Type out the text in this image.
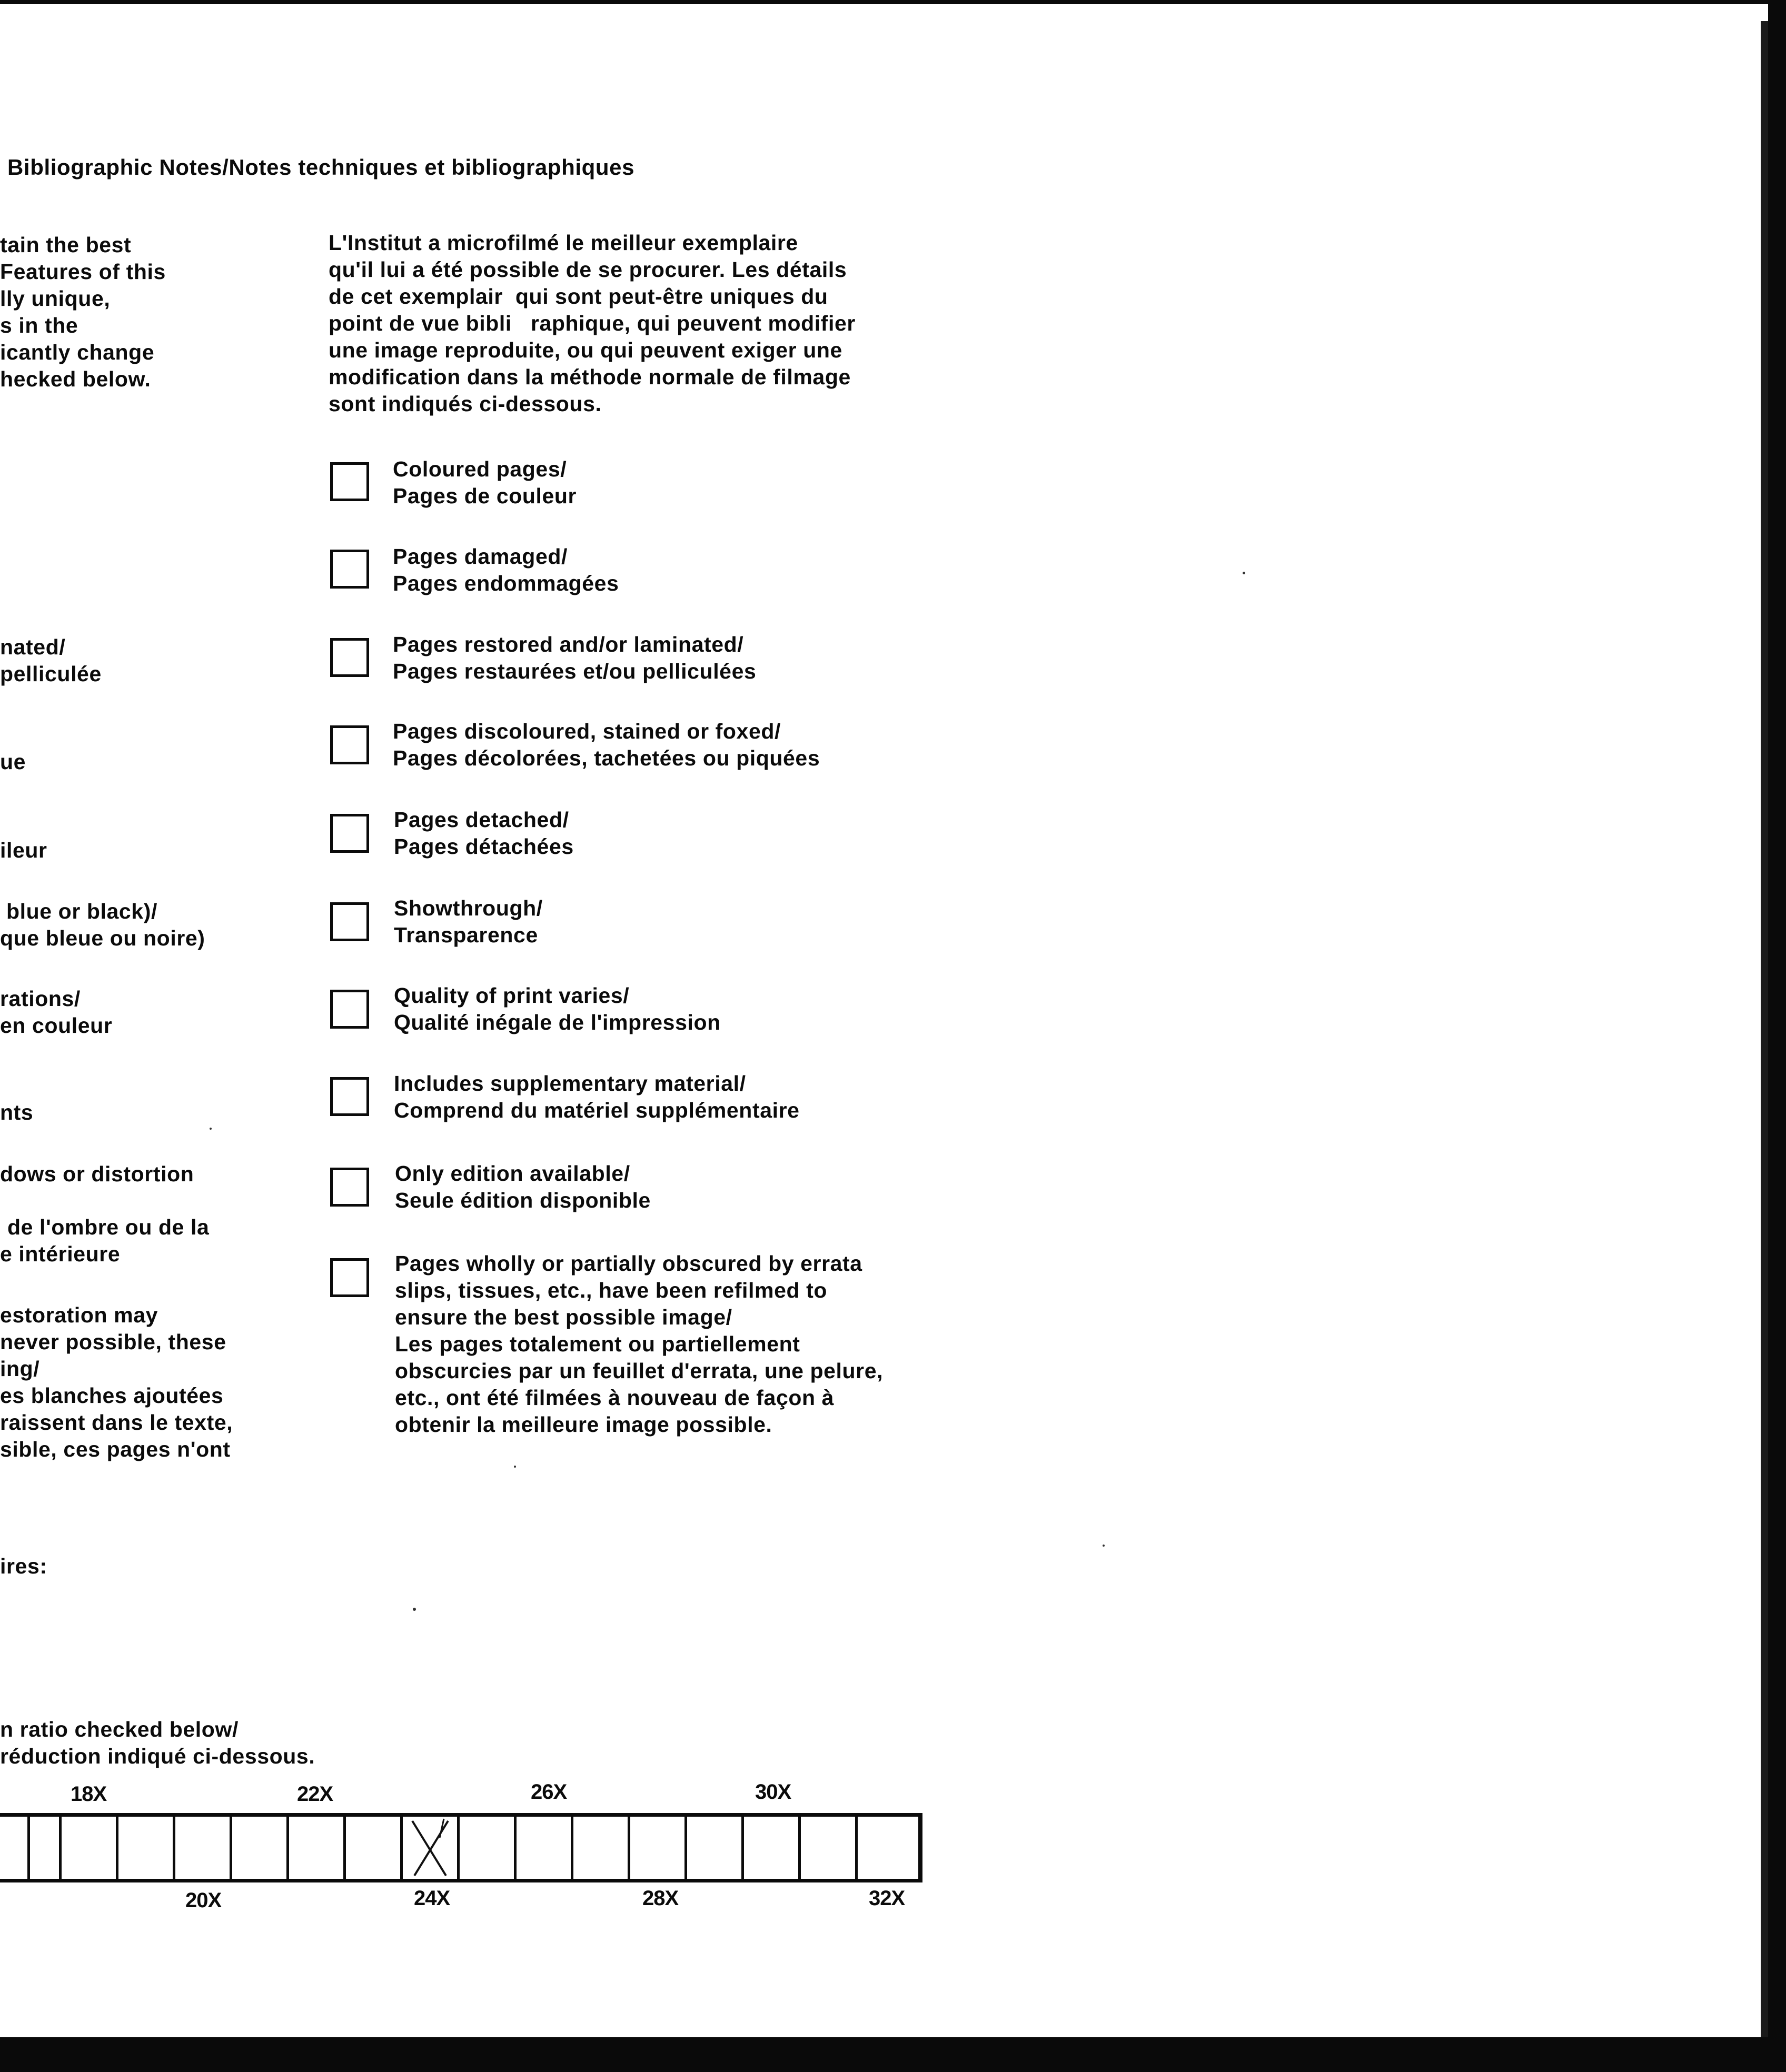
Bibliographic Notes/Notes techniques et bibliographiques
tain the best
Features of this
lly unique,
s in the
icantly change
hecked below.
nated/
pelliculée
ue
ileur
blue or black)/
que bleue ou noire)
rations/
en couleur
nts
dows or distortion
de l'ombre ou de la
e intérieure
estoration may
never possible, these
ing/
es blanches ajoutées
raissent dans le texte,
sible, ces pages n'ont
ires:
L'Institut a microfilmé le meilleur exemplaire
qu'il lui a été possible de se procurer. Les détails
de cet exemplair  qui sont peut-être uniques du
point de vue bibli   raphique, qui peuvent modifier
une image reproduite, ou qui peuvent exiger une
modification dans la méthode normale de filmage
sont indiqués ci-dessous.
Coloured pages/
Pages de couleur
Pages damaged/
Pages endommagées
Pages restored and/or laminated/
Pages restaurées et/ou pelliculées
Pages discoloured, stained or foxed/
Pages décolorées, tachetées ou piquées
Pages detached/
Pages détachées
Showthrough/
Transparence
Quality of print varies/
Qualité inégale de l'impression
Includes supplementary material/
Comprend du matériel supplémentaire
Only edition available/
Seule édition disponible
Pages wholly or partially obscured by errata
slips, tissues, etc., have been refilmed to
ensure the best possible image/
Les pages totalement ou partiellement
obscurcies par un feuillet d'errata, une pelure,
etc., ont été filmées à nouveau de façon à
obtenir la meilleure image possible.
n ratio checked below/
réduction indiqué ci-dessous.
18X	22X	26X	30X
20X	24X	28X	32X
